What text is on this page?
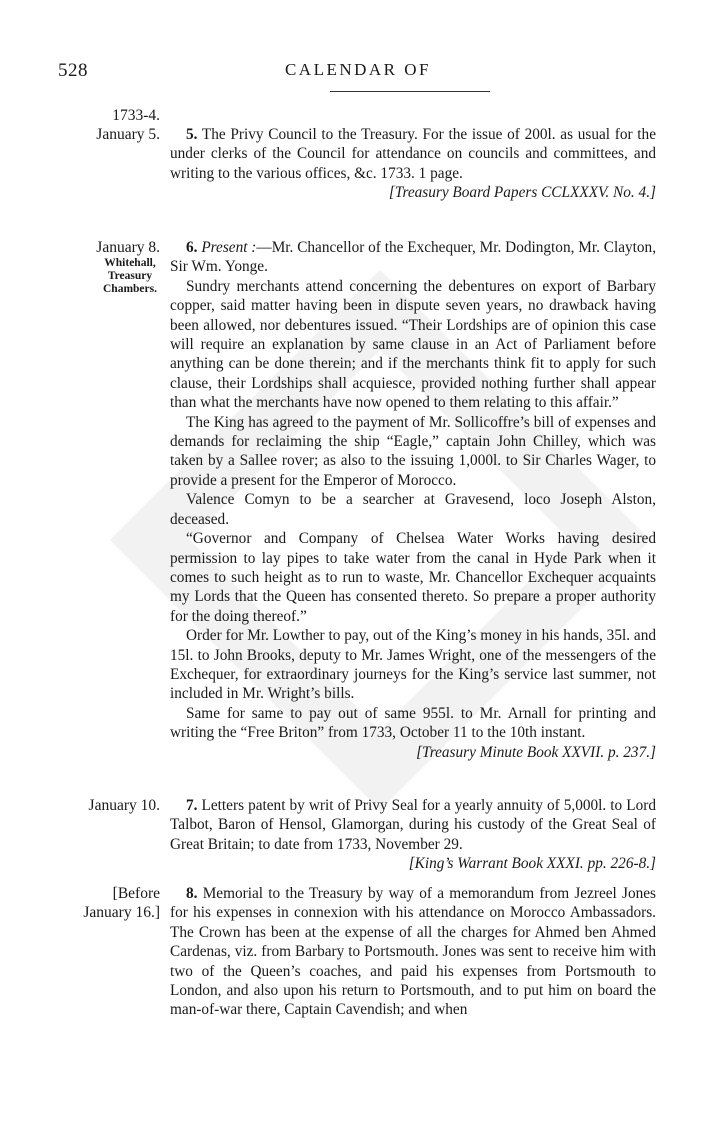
528	CALENDAR OF
1733-4.
January 5.	5. The Privy Council to the Treasury. For the issue of 200l. as usual for the under clerks of the Council for attendance on councils and committees, and writing to the various offices, &c. 1733. 1 page.

[Treasury Board Papers CCLXXXV. No. 4.]
January 8.
Whitehall, Treasury Chambers.

6. Present :—Mr. Chancellor of the Exchequer, Mr. Dodington, Mr. Clayton, Sir Wm. Yonge.

Sundry merchants attend concerning the debentures on export of Barbary copper, said matter having been in dispute seven years, no drawback having been allowed, nor debentures issued. “Their Lordships are of opinion this case will require an explanation by same clause in an Act of Parliament before anything can be done therein; and if the merchants think fit to apply for such clause, their Lordships shall acquiesce, provided nothing further shall appear than what the merchants have now opened to them relating to this affair.”

The King has agreed to the payment of Mr. Sollicoffre’s bill of expenses and demands for reclaiming the ship “Eagle,” captain John Chilley, which was taken by a Sallee rover; as also to the issuing 1,000l. to Sir Charles Wager, to provide a present for the Emperor of Morocco.

Valence Comyn to be a searcher at Gravesend, loco Joseph Alston, deceased.

“Governor and Company of Chelsea Water Works having desired permission to lay pipes to take water from the canal in Hyde Park when it comes to such height as to run to waste, Mr. Chancellor Exchequer acquaints my Lords that the Queen has consented thereto. So prepare a proper authority for the doing thereof.”

Order for Mr. Lowther to pay, out of the King’s money in his hands, 35l. and 15l. to John Brooks, deputy to Mr. James Wright, one of the messengers of the Exchequer, for extraordinary journeys for the King’s service last summer, not included in Mr. Wright’s bills.

Same for same to pay out of same 955l. to Mr. Arnall for printing and writing the “Free Briton” from 1733, October 11 to the 10th instant.

[Treasury Minute Book XXVII. p. 237.]
January 10.	7. Letters patent by writ of Privy Seal for a yearly annuity of 5,000l. to Lord Talbot, Baron of Hensol, Glamorgan, during his custody of the Great Seal of Great Britain; to date from 1733, November 29.

[King’s Warrant Book XXXI. pp. 226-8.]
[Before
January 16.]

8. Memorial to the Treasury by way of a memorandum from Jezreel Jones for his expenses in connexion with his attendance on Morocco Ambassadors. The Crown has been at the expense of all the charges for Ahmed ben Ahmed Cardenas, viz. from Barbary to Portsmouth. Jones was sent to receive him with two of the Queen’s coaches, and paid his expenses from Portsmouth to London, and also upon his return to Portsmouth, and to put him on board the man-of-war there, Captain Cavendish; and when
